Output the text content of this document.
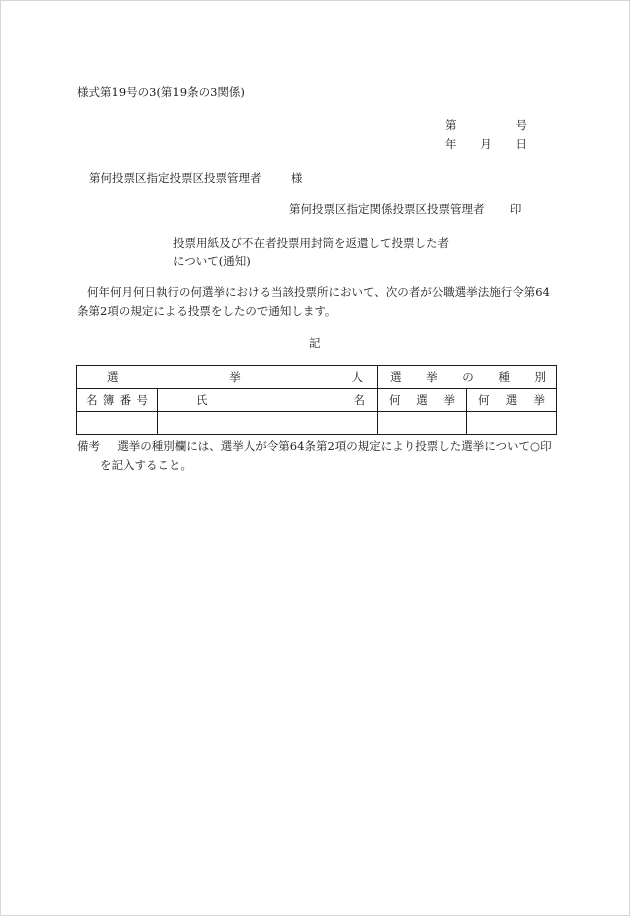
様式第19号の3(第19条の3関係)
第	号
年 月 日
第何投票区指定投票区投票管理者	様
第何投票区指定関係投票区投票管理者 印
投票用紙及び不在者投票用封筒を返還して投票した者
について(通知)
何年何月何日執行の何選挙における当該投票所において、次の者が公職選挙法施行令第64条第2項の規定による投票をしたので通知します。
記
選 挙 人		選 挙 の 種 別	

名 簿 番 号	氏 名	何 選 挙	何 選 挙

備考 選挙の種別欄には、選挙人が令第64条第2項の規定により投票した選挙について○印
を記入すること。
